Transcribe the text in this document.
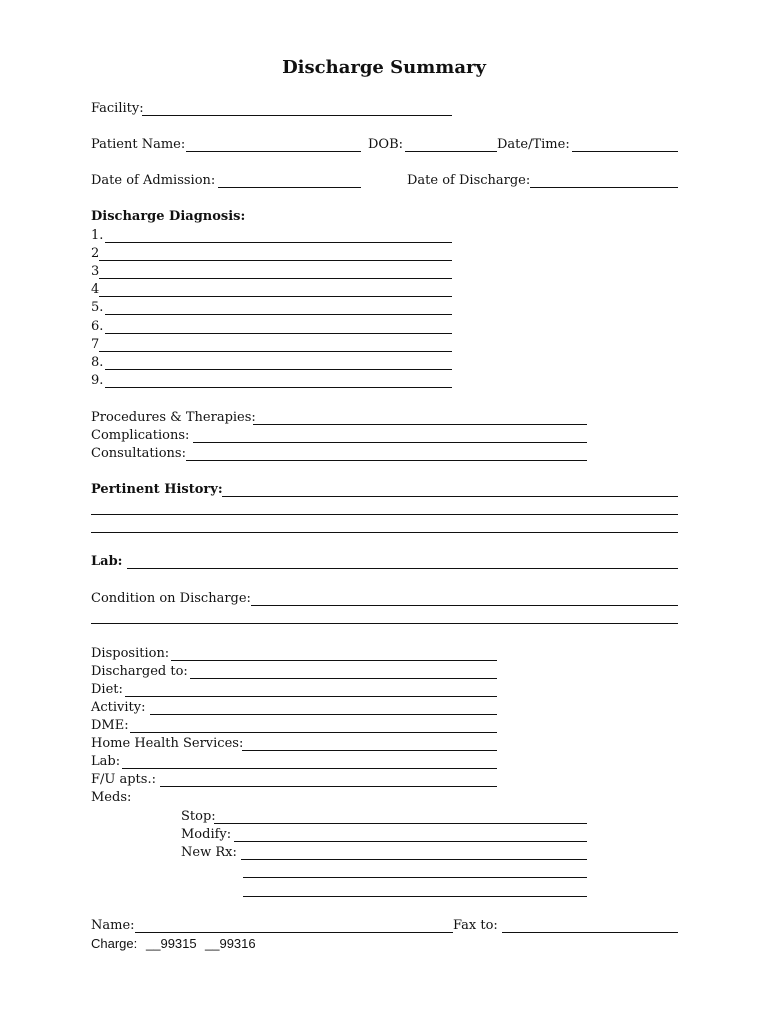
Discharge Summary
Facility:
Patient Name:	DOB:	Date/Time:
Date of Admission:	Date of Discharge:
Discharge Diagnosis:
1.
2
3
4
5.
6.
7
8.
9.
Procedures & Therapies:
Complications:
Consultations:
Pertinent History:
Lab:
Condition on Discharge:
Disposition:
Discharged to:
Diet:
Activity:
DME:
Home Health Services:
Lab:
F/U apts.:
Meds:
Stop:
Modify:
New Rx:
Name:	Fax to:
Charge: __99315 __99316
